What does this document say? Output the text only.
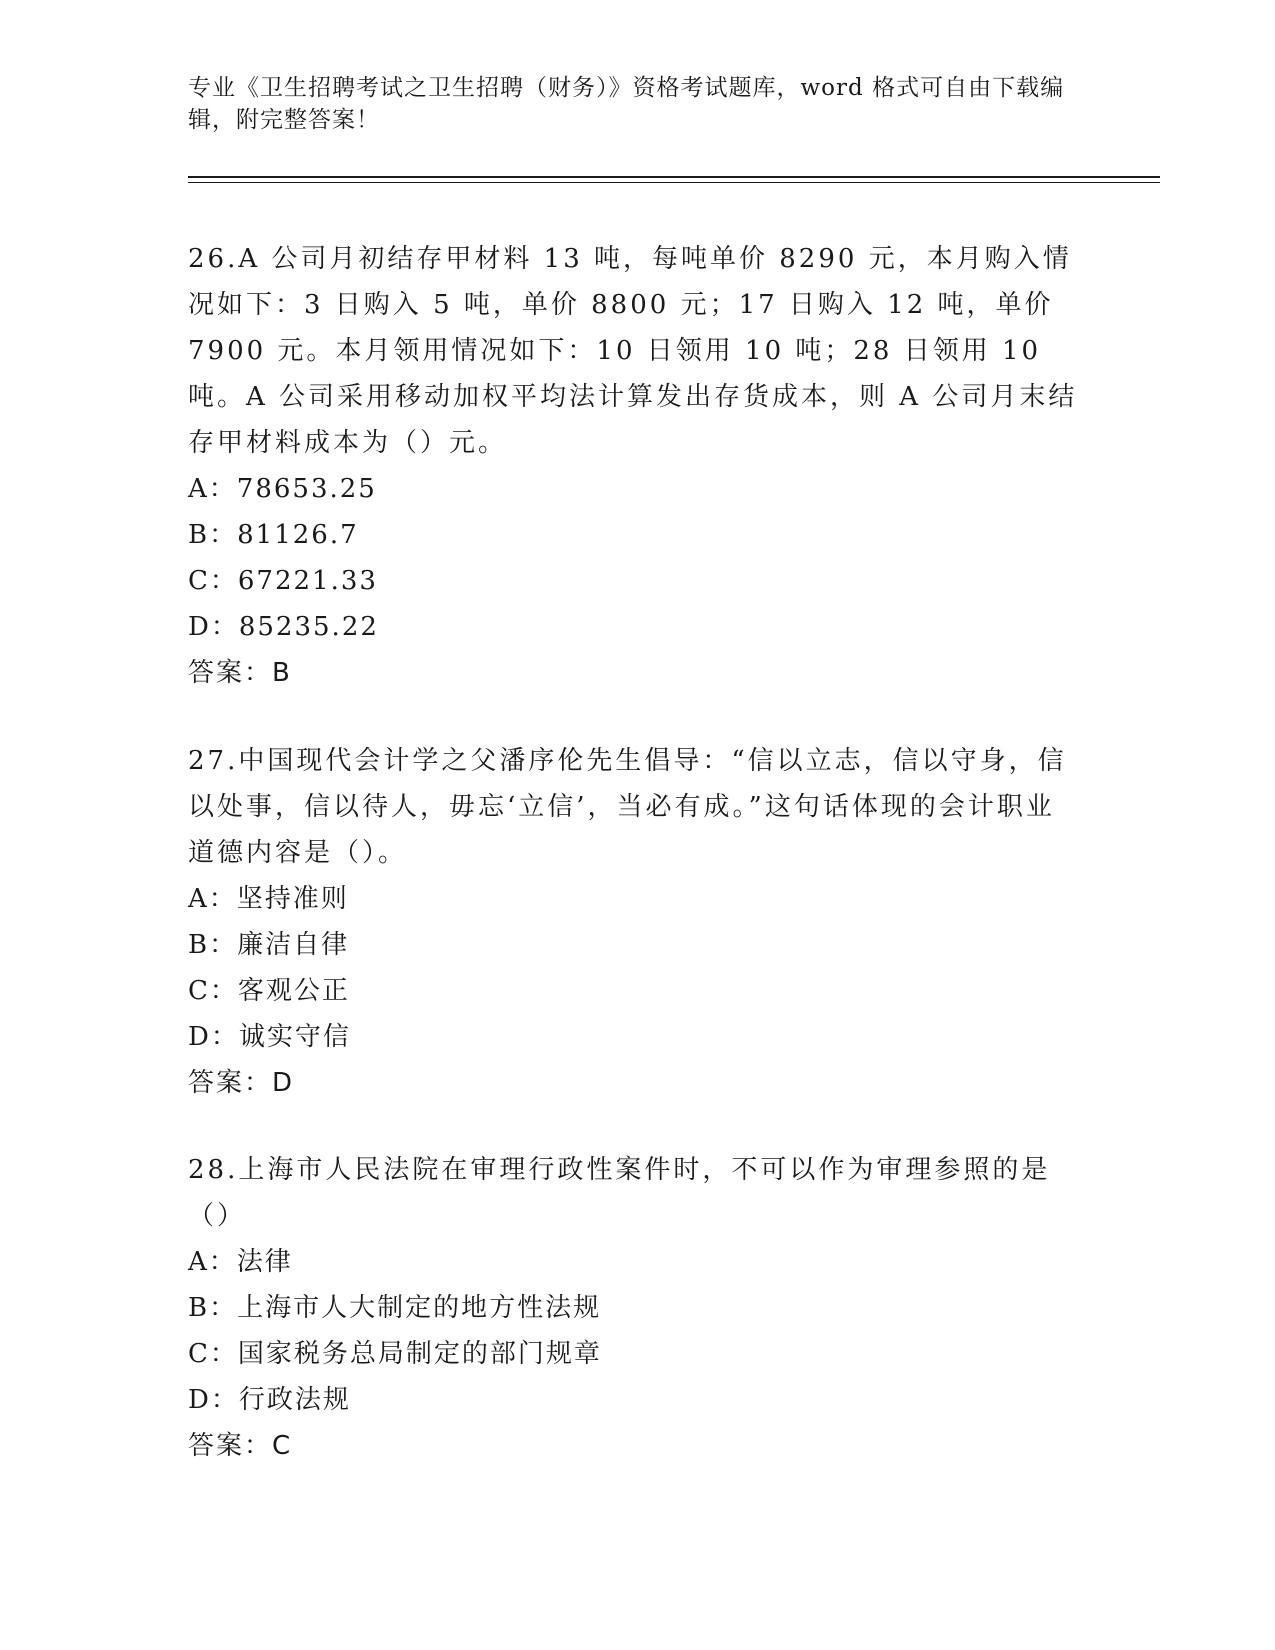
专业《卫生招聘考试之卫生招聘（财务）》资格考试题库，word 格式可自由下载编辑，附完整答案！

26.A 公司月初结存甲材料 13 吨，每吨单价 8290 元，本月购入情况如下：3 日购入 5 吨，单价 8800 元；17 日购入 12 吨，单价 7900 元。本月领用情况如下：10 日领用 10 吨；28 日领用 10 吨。A 公司采用移动加权平均法计算发出存货成本，则 A 公司月末结存甲材料成本为（）元。

A：78653.25

B：81126.7

C：67221.33

D：85235.22

答案：B

27.中国现代会计学之父潘序伦先生倡导：“信以立志，信以守身，信以处事，信以待人，毋忘‘立信’，当必有成。”这句话体现的会计职业道德内容是（）。

A：坚持准则

B：廉洁自律

C：客观公正

D：诚实守信

答案：D

28.上海市人民法院在审理行政性案件时，不可以作为审理参照的是（）

A：法律

B：上海市人大制定的地方性法规

C：国家税务总局制定的部门规章

D：行政法规

答案：C
